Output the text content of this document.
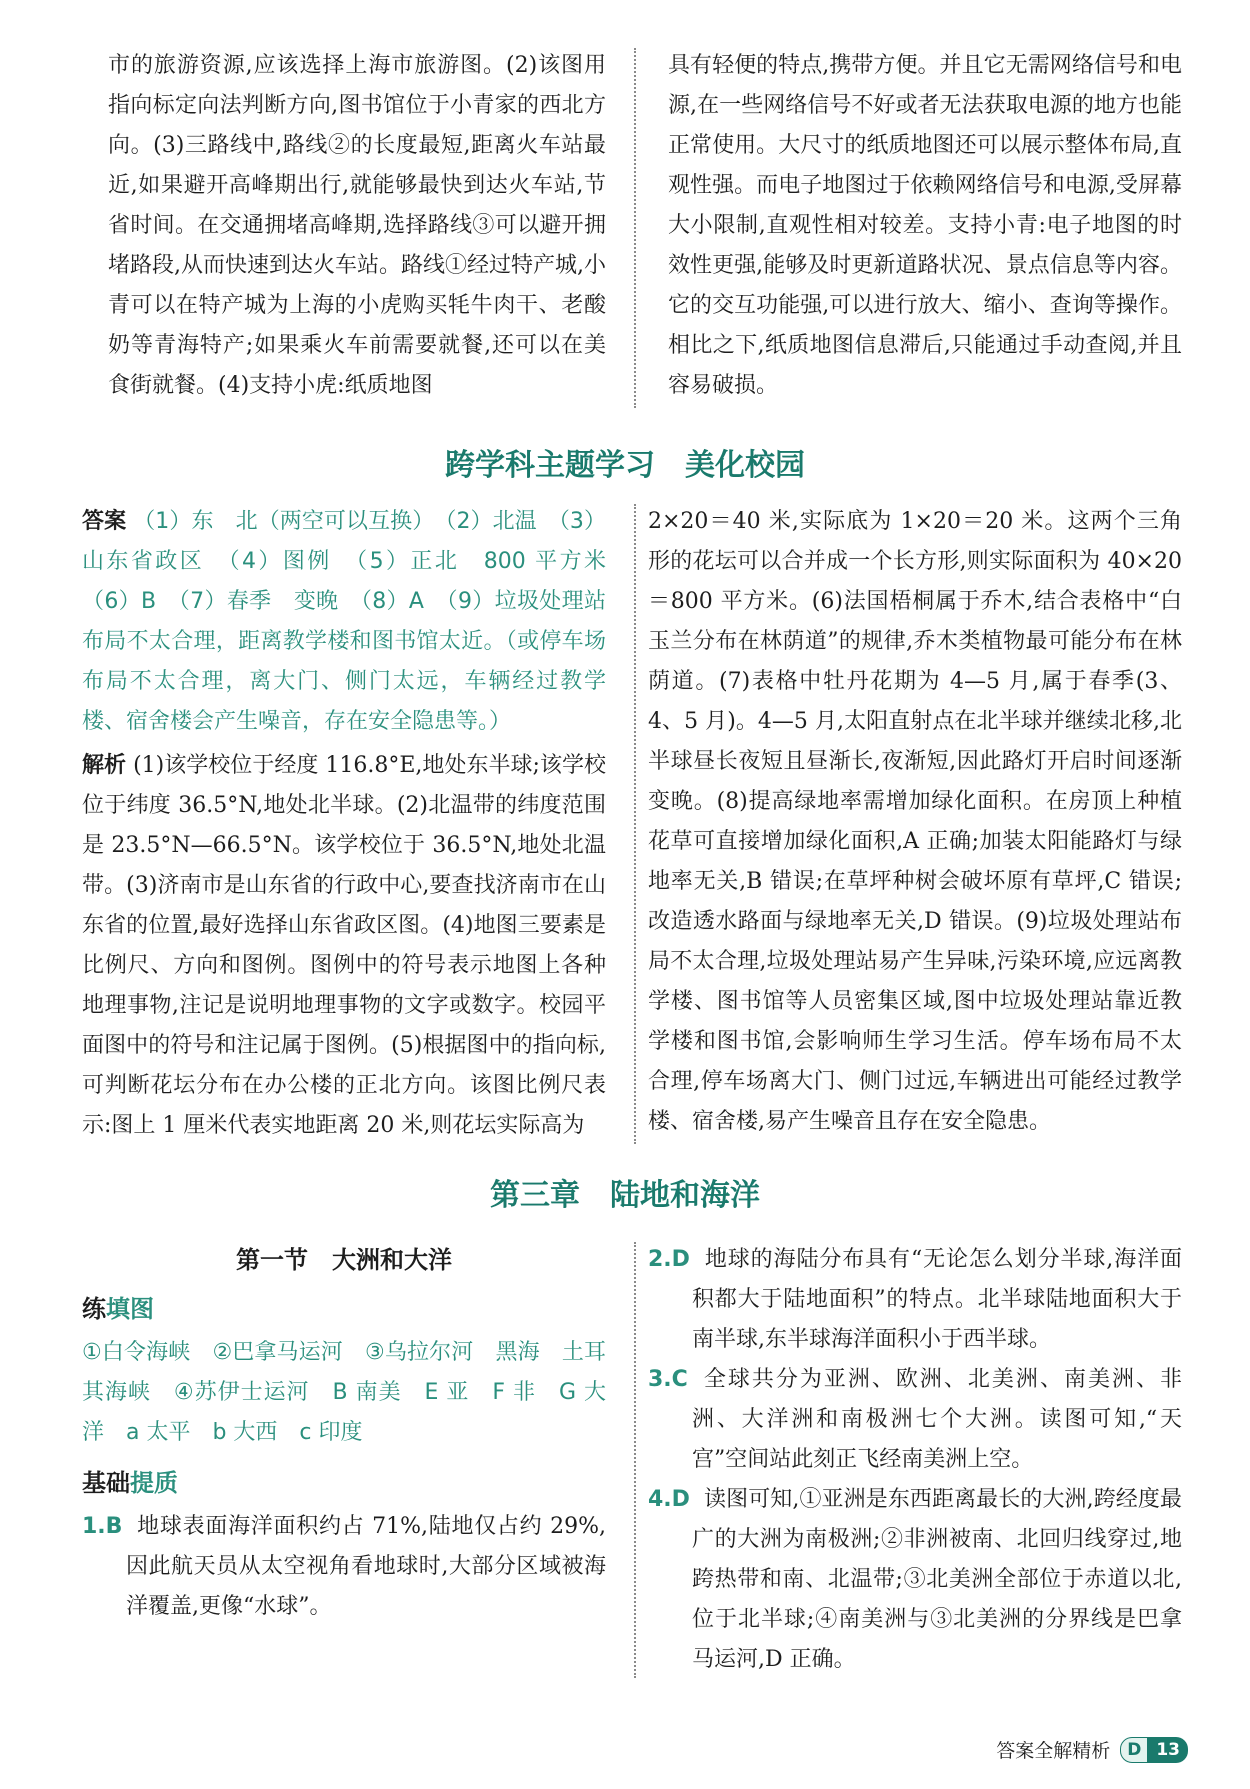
市的旅游资源,应该选择上海市旅游图。(2)该图用指向标定向法判断方向,图书馆位于小青家的西北方向。(3)三路线中,路线②的长度最短,距离火车站最近,如果避开高峰期出行,就能够最快到达火车站,节省时间。在交通拥堵高峰期,选择路线③可以避开拥堵路段,从而快速到达火车站。路线①经过特产城,小青可以在特产城为上海的小虎购买牦牛肉干、老酸奶等青海特产;如果乘火车前需要就餐,还可以在美食街就餐。(4)支持小虎:纸质地图

具有轻便的特点,携带方便。并且它无需网络信号和电源,在一些网络信号不好或者无法获取电源的地方也能正常使用。大尺寸的纸质地图还可以展示整体布局,直观性强。而电子地图过于依赖网络信号和电源,受屏幕大小限制,直观性相对较差。支持小青:电子地图的时效性更强,能够及时更新道路状况、景点信息等内容。它的交互功能强,可以进行放大、缩小、查询等操作。相比之下,纸质地图信息滞后,只能通过手动查阅,并且容易破损。

跨学科主题学习　美化校园

答案 （1）东　北（两空可以互换）　（2）北温　（3）山东省政区　（4）图例　（5）正北　800 平方米　（6）B　（7）春季　变晚　（8）A　（9）垃圾处理站布局不太合理，距离教学楼和图书馆太近。（或停车场布局不太合理，离大门、侧门太远，车辆经过教学楼、宿舍楼会产生噪音，存在安全隐患等。）

解析 (1)该学校位于经度 116.8°E,地处东半球;该学校位于纬度 36.5°N,地处北半球。(2)北温带的纬度范围是 23.5°N—66.5°N。该学校位于 36.5°N,地处北温带。(3)济南市是山东省的行政中心,要查找济南市在山东省的位置,最好选择山东省政区图。(4)地图三要素是比例尺、方向和图例。图例中的符号表示地图上各种地理事物,注记是说明地理事物的文字或数字。校园平面图中的符号和注记属于图例。(5)根据图中的指向标,可判断花坛分布在办公楼的正北方向。该图比例尺表示:图上 1 厘米代表实地距离 20 米,则花坛实际高为

2×20＝40 米,实际底为 1×20＝20 米。这两个三角形的花坛可以合并成一个长方形,则实际面积为 40×20＝800 平方米。(6)法国梧桐属于乔木,结合表格中“白玉兰分布在林荫道”的规律,乔木类植物最可能分布在林荫道。(7)表格中牡丹花期为 4—5 月,属于春季(3、4、5 月)。4—5 月,太阳直射点在北半球并继续北移,北半球昼长夜短且昼渐长,夜渐短,因此路灯开启时间逐渐变晚。(8)提高绿地率需增加绿化面积。在房顶上种植花草可直接增加绿化面积,A 正确;加装太阳能路灯与绿地率无关,B 错误;在草坪种树会破坏原有草坪,C 错误;改造透水路面与绿地率无关,D 错误。(9)垃圾处理站布局不太合理,垃圾处理站易产生异味,污染环境,应远离教学楼、图书馆等人员密集区域,图中垃圾处理站靠近教学楼和图书馆,会影响师生学习生活。停车场布局不太合理,停车场离大门、侧门过远,车辆进出可能经过教学楼、宿舍楼,易产生噪音且存在安全隐患。

第三章　陆地和海洋

第一节　大洲和大洋

练填图

①白令海峡　②巴拿马运河　③乌拉尔河　黑海　土耳其海峡　④苏伊士运河　B 南美　E 亚　F 非　G 大洋　a 太平　b 大西　c 印度

基础提质

1.B 地球表面海洋面积约占 71%,陆地仅占约 29%,因此航天员从太空视角看地球时,大部分区域被海洋覆盖,更像“水球”。

2.D 地球的海陆分布具有“无论怎么划分半球,海洋面积都大于陆地面积”的特点。北半球陆地面积大于南半球,东半球海洋面积小于西半球。

3.C 全球共分为亚洲、欧洲、北美洲、南美洲、非洲、大洋洲和南极洲七个大洲。读图可知,“天宫”空间站此刻正飞经南美洲上空。

4.D 读图可知,①亚洲是东西距离最长的大洲,跨经度最广的大洲为南极洲;②非洲被南、北回归线穿过,地跨热带和南、北温带;③北美洲全部位于赤道以北,位于北半球;④南美洲与③北美洲的分界线是巴拿马运河,D 正确。

答案全解精析	D 13
